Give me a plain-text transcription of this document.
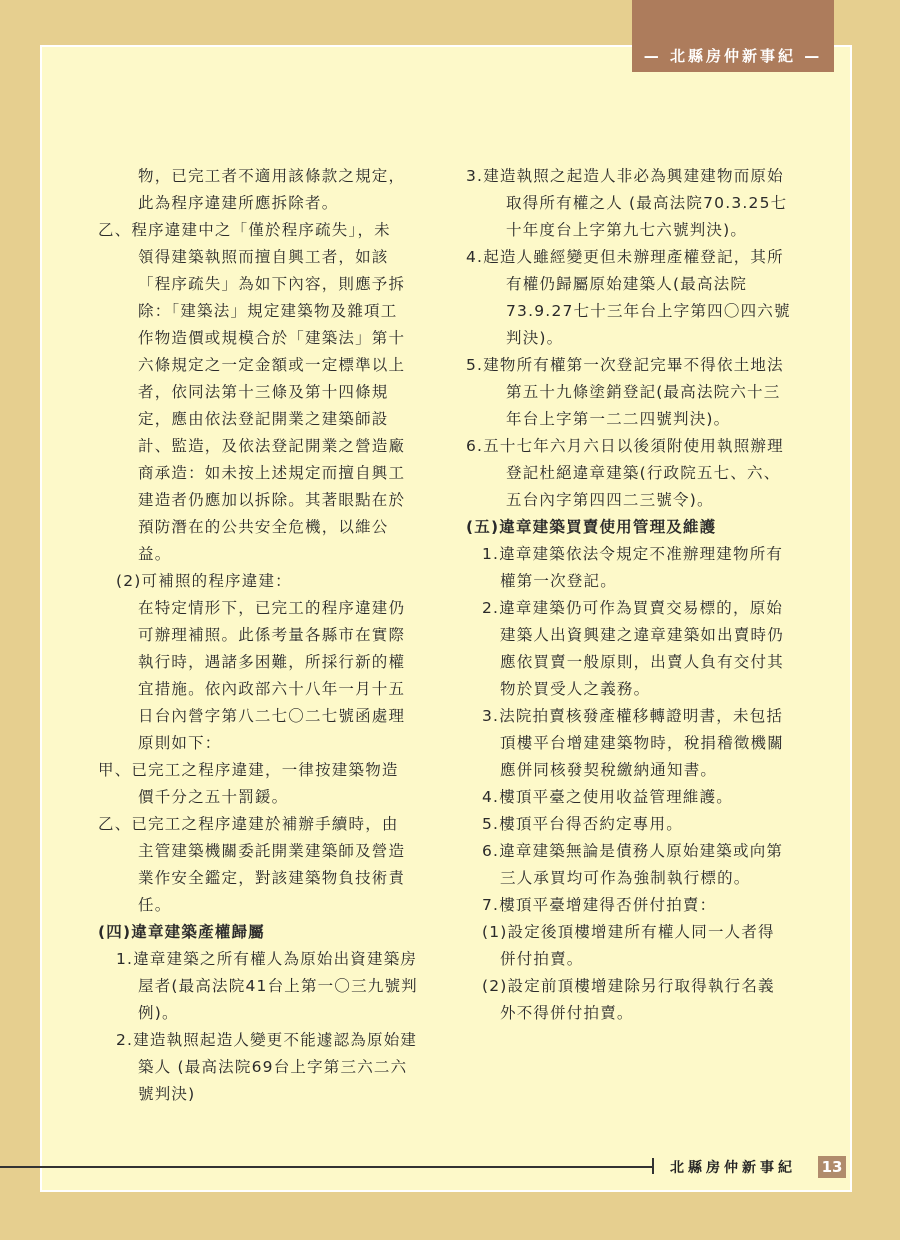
— 北縣房仲新事紀 —
物，已完工者不適用該條款之規定，
此為程序違建所應拆除者。
乙、程序違建中之「僅於程序疏失」，未
領得建築執照而擅自興工者，如該
「程序疏失」為如下內容，則應予拆
除：「建築法」規定建築物及雜項工
作物造價或規模合於「建築法」第十
六條規定之一定金額或一定標準以上
者，依同法第十三條及第十四條規
定，應由依法登記開業之建築師設
計、監造，及依法登記開業之營造廠
商承造：如未按上述規定而擅自興工
建造者仍應加以拆除。其著眼點在於
預防潛在的公共安全危機，以維公
益。
(2)可補照的程序違建：
在特定情形下，已完工的程序違建仍
可辦理補照。此係考量各縣市在實際
執行時，遇諸多困難，所採行新的權
宜措施。依內政部六十八年一月十五
日台內營字第八二七〇二七號函處理
原則如下：
甲、已完工之程序違建，一律按建築物造
價千分之五十罰鍰。
乙、已完工之程序違建於補辦手續時，由
主管建築機關委託開業建築師及營造
業作安全鑑定，對該建築物負技術責
任。
(四)違章建築產權歸屬
1.違章建築之所有權人為原始出資建築房
屋者(最高法院41台上第一〇三九號判
例)。
2.建造執照起造人變更不能遽認為原始建
築人 (最高法院69台上字第三六二六
號判決)
3.建造執照之起造人非必為興建建物而原始
取得所有權之人 (最高法院70.3.25七
十年度台上字第九七六號判決)。
4.起造人雖經變更但未辦理產權登記，其所
有權仍歸屬原始建築人(最高法院
73.9.27七十三年台上字第四〇四六號
判決)。
5.建物所有權第一次登記完畢不得依土地法
第五十九條塗銷登記(最高法院六十三
年台上字第一二二四號判決)。
6.五十七年六月六日以後須附使用執照辦理
登記杜絕違章建築(行政院五七、六、
五台內字第四四二三號令)。
(五)違章建築買賣使用管理及維護
1.違章建築依法令規定不准辦理建物所有
權第一次登記。
2.違章建築仍可作為買賣交易標的，原始
建築人出資興建之違章建築如出賣時仍
應依買賣一般原則，出賣人負有交付其
物於買受人之義務。
3.法院拍賣核發產權移轉證明書，未包括
頂樓平台增建建築物時，稅捐稽徵機關
應併同核發契稅繳納通知書。
4.樓頂平臺之使用收益管理維護。
5.樓頂平台得否約定專用。
6.違章建築無論是債務人原始建築或向第
三人承買均可作為強制執行標的。
7.樓頂平臺增建得否併付拍賣：
(1)設定後頂樓增建所有權人同一人者得
併付拍賣。
(2)設定前頂樓增建除另行取得執行名義
外不得併付拍賣。
北縣房仲新事紀 13
